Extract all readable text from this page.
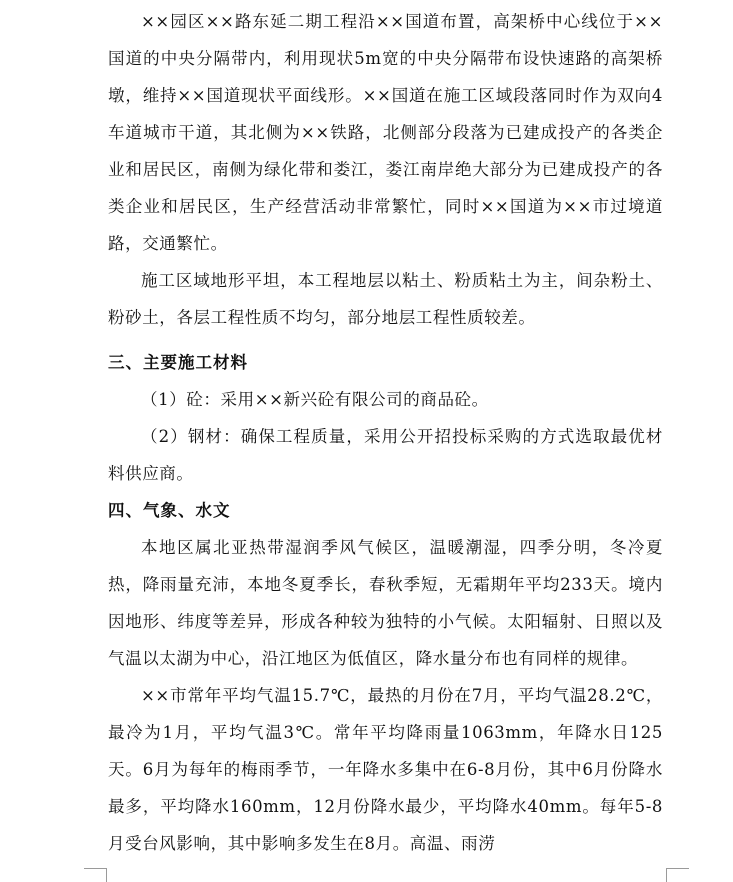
××园区××路东延二期工程沿××国道布置，高架桥中心线位于××国道的中央分隔带内，利用现状5m宽的中央分隔带布设快速路的高架桥墩，维持××国道现状平面线形。××国道在施工区域段落同时作为双向4车道城市干道，其北侧为××铁路，北侧部分段落为已建成投产的各类企业和居民区，南侧为绿化带和娄江，娄江南岸绝大部分为已建成投产的各类企业和居民区，生产经营活动非常繁忙，同时××国道为××市过境道路，交通繁忙。

施工区域地形平坦，本工程地层以粘土、粉质粘土为主，间杂粉土、粉砂土，各层工程性质不均匀，部分地层工程性质较差。

三、主要施工材料

（1）砼：采用××新兴砼有限公司的商品砼。

（2）钢材：确保工程质量，采用公开招投标采购的方式选取最优材料供应商。

四、气象、水文

本地区属北亚热带湿润季风气候区，温暖潮湿，四季分明，冬冷夏热，降雨量充沛，本地冬夏季长，春秋季短，无霜期年平均233天。境内因地形、纬度等差异，形成各种较为独特的小气候。太阳辐射、日照以及气温以太湖为中心，沿江地区为低值区，降水量分布也有同样的规律。

××市常年平均气温15.7℃，最热的月份在7月，平均气温28.2℃，最冷为1月，平均气温3℃。常年平均降雨量1063mm，年降水日125天。6月为每年的梅雨季节，一年降水多集中在6-8月份，其中6月份降水最多，平均降水160mm，12月份降水最少，平均降水40mm。每年5-8月受台风影响，其中影响多发生在8月。高温、雨涝
